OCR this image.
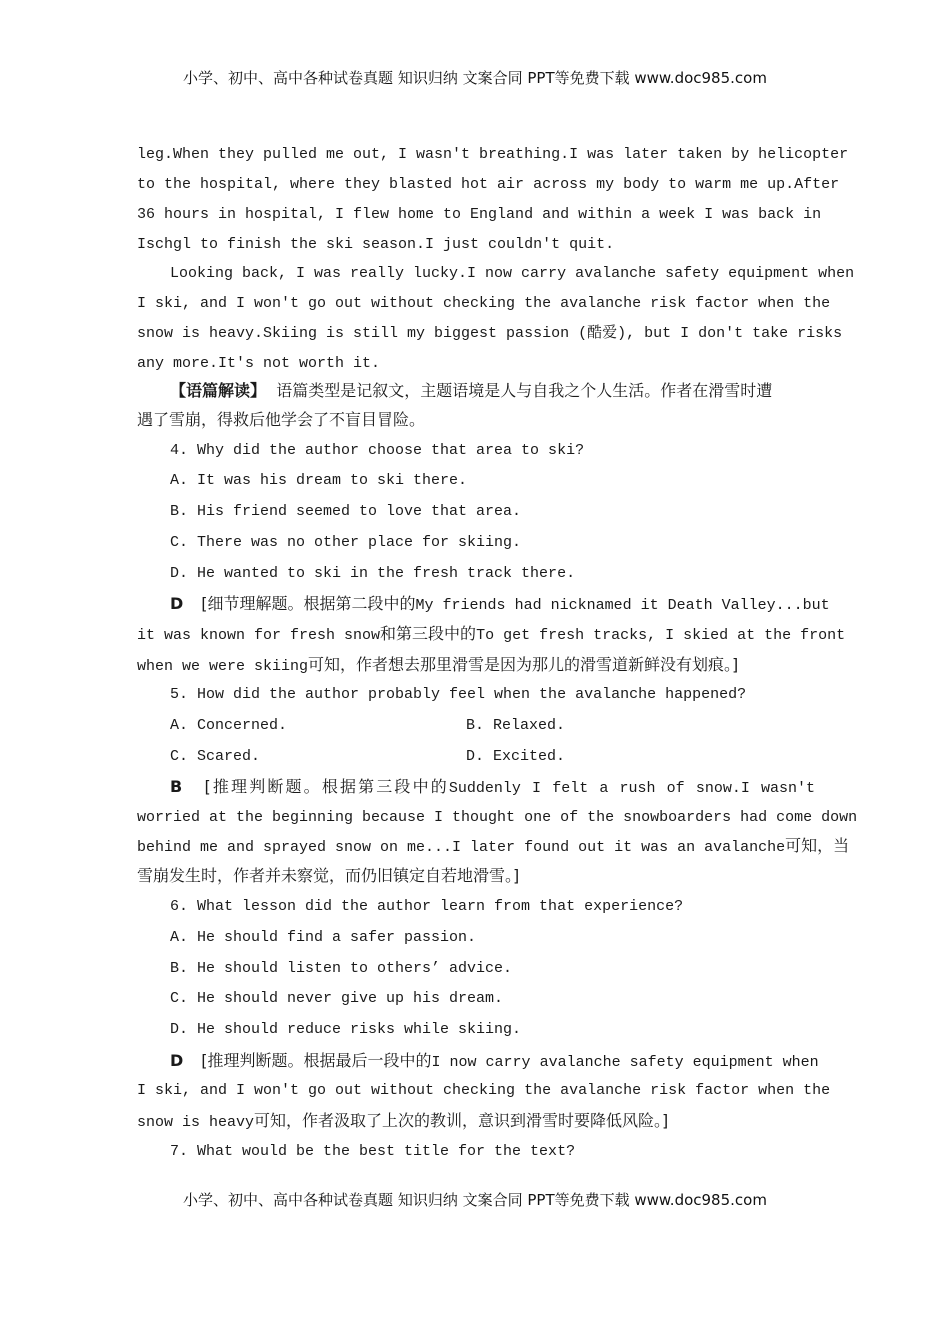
小学、初中、高中各种试卷真题 知识归纳 文案合同 PPT等免费下载 www.doc985.com
leg.When they pulled me out, I wasn't breathing.I was later taken by helicopter
to the hospital, where they blasted hot air across my body to warm me up.After
36 hours in hospital, I flew home to England and within a week I was back in
Ischgl to finish the ski season.I just couldn't quit.
Looking back, I was really lucky.I now carry avalanche safety equipment when
I ski, and I won't go out without checking the avalanche risk factor when the
snow is heavy.Skiing is still my biggest passion (酷爱), but I don't take risks
any more.It's not worth it.
【语篇解读】 语篇类型是记叙文，主题语境是人与自我之个人生活。作者在滑雪时遭
遇了雪崩，得救后他学会了不盲目冒险。
4. Why did the author choose that area to ski?
A. It was his dream to ski there.
B. His friend seemed to love that area.
C. There was no other place for skiing.
D. He wanted to ski in the fresh track there.
D [细节理解题。根据第二段中的My friends had nicknamed it Death Valley...but
it was known for fresh snow和第三段中的To get fresh tracks, I skied at the front
when we were skiing可知，作者想去那里滑雪是因为那儿的滑雪道新鲜没有划痕。]
5. How did the author probably feel when the avalanche happened?
A. Concerned.	B. Relaxed.
C. Scared.	D. Excited.
B [推理判断题。根据第三段中的Suddenly I felt a rush of snow.I wasn't
worried at the beginning because I thought one of the snowboarders had come down
behind me and sprayed snow on me...I later found out it was an avalanche可知，当
雪崩发生时，作者并未察觉，而仍旧镇定自若地滑雪。]
6. What lesson did the author learn from that experience?
A. He should find a safer passion.
B. He should listen to others’ advice.
C. He should never give up his dream.
D. He should reduce risks while skiing.
D [推理判断题。根据最后一段中的I now carry avalanche safety equipment when
I ski, and I won't go out without checking the avalanche risk factor when the
snow is heavy可知，作者汲取了上次的教训，意识到滑雪时要降低风险。]
7. What would be the best title for the text?
小学、初中、高中各种试卷真题 知识归纳 文案合同 PPT等免费下载 www.doc985.com
